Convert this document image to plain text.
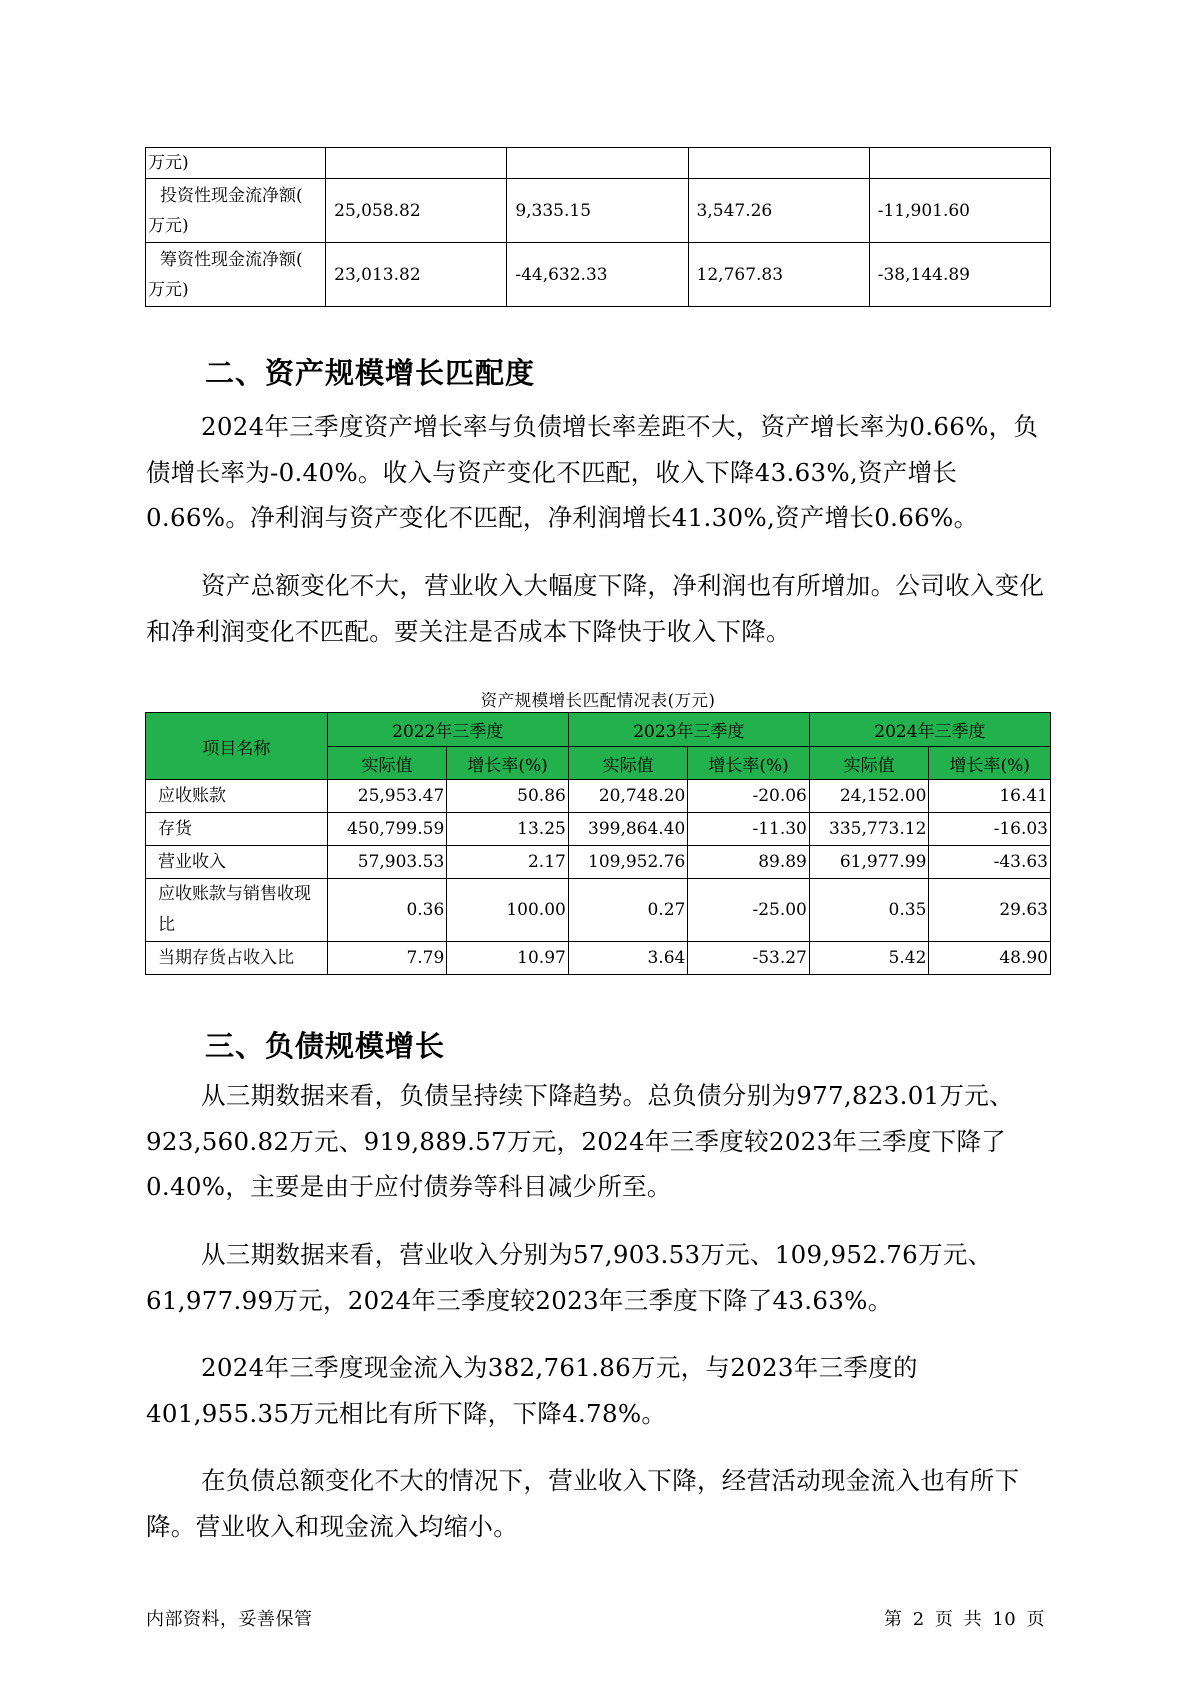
万元)				

投资性现金流净额(
万元)	25,058.82	9,335.15	3,547.26	-11,901.60

筹资性现金流净额(
万元)	23,013.82	-44,632.33	12,767.83	-38,144.89
二、资产规模增长匹配度

2024年三季度资产增长率与负债增长率差距不大，资产增长率为0.66%，负债增长率为-0.40%。收入与资产变化不匹配，收入下降43.63%,资产增长0.66%。净利润与资产变化不匹配，净利润增长41.30%,资产增长0.66%。

资产总额变化不大，营业收入大幅度下降，净利润也有所增加。公司收入变化和净利润变化不匹配。要关注是否成本下降快于收入下降。

资产规模增长匹配情况表(万元)
项目名称	2022年三季度		2023年三季度		2024年三季度	
	实际值	增长率(%)	实际值	增长率(%)	实际值	增长率(%)
应收账款	25,953.47	50.86	20,748.20	-20.06	24,152.00	16.41
存货	450,799.59	13.25	399,864.40	-11.30	335,773.12	-16.03
营业收入	57,903.53	2.17	109,952.76	89.89	61,977.99	-43.63
应收账款与销售收现比	0.36	100.00	0.27	-25.00	0.35	29.63
当期存货占收入比	7.79	10.97	3.64	-53.27	5.42	48.90
三、负债规模增长

从三期数据来看，负债呈持续下降趋势。总负债分别为977,823.01万元、923,560.82万元、919,889.57万元，2024年三季度较2023年三季度下降了0.40%，主要是由于应付债券等科目减少所至。

从三期数据来看，营业收入分别为57,903.53万元、109,952.76万元、61,977.99万元，2024年三季度较2023年三季度下降了43.63%。

2024年三季度现金流入为382,761.86万元，与2023年三季度的401,955.35万元相比有所下降，下降4.78%。

在负债总额变化不大的情况下，营业收入下降，经营活动现金流入也有所下降。营业收入和现金流入均缩小。

内部资料，妥善保管	第 2 页 共 10 页
